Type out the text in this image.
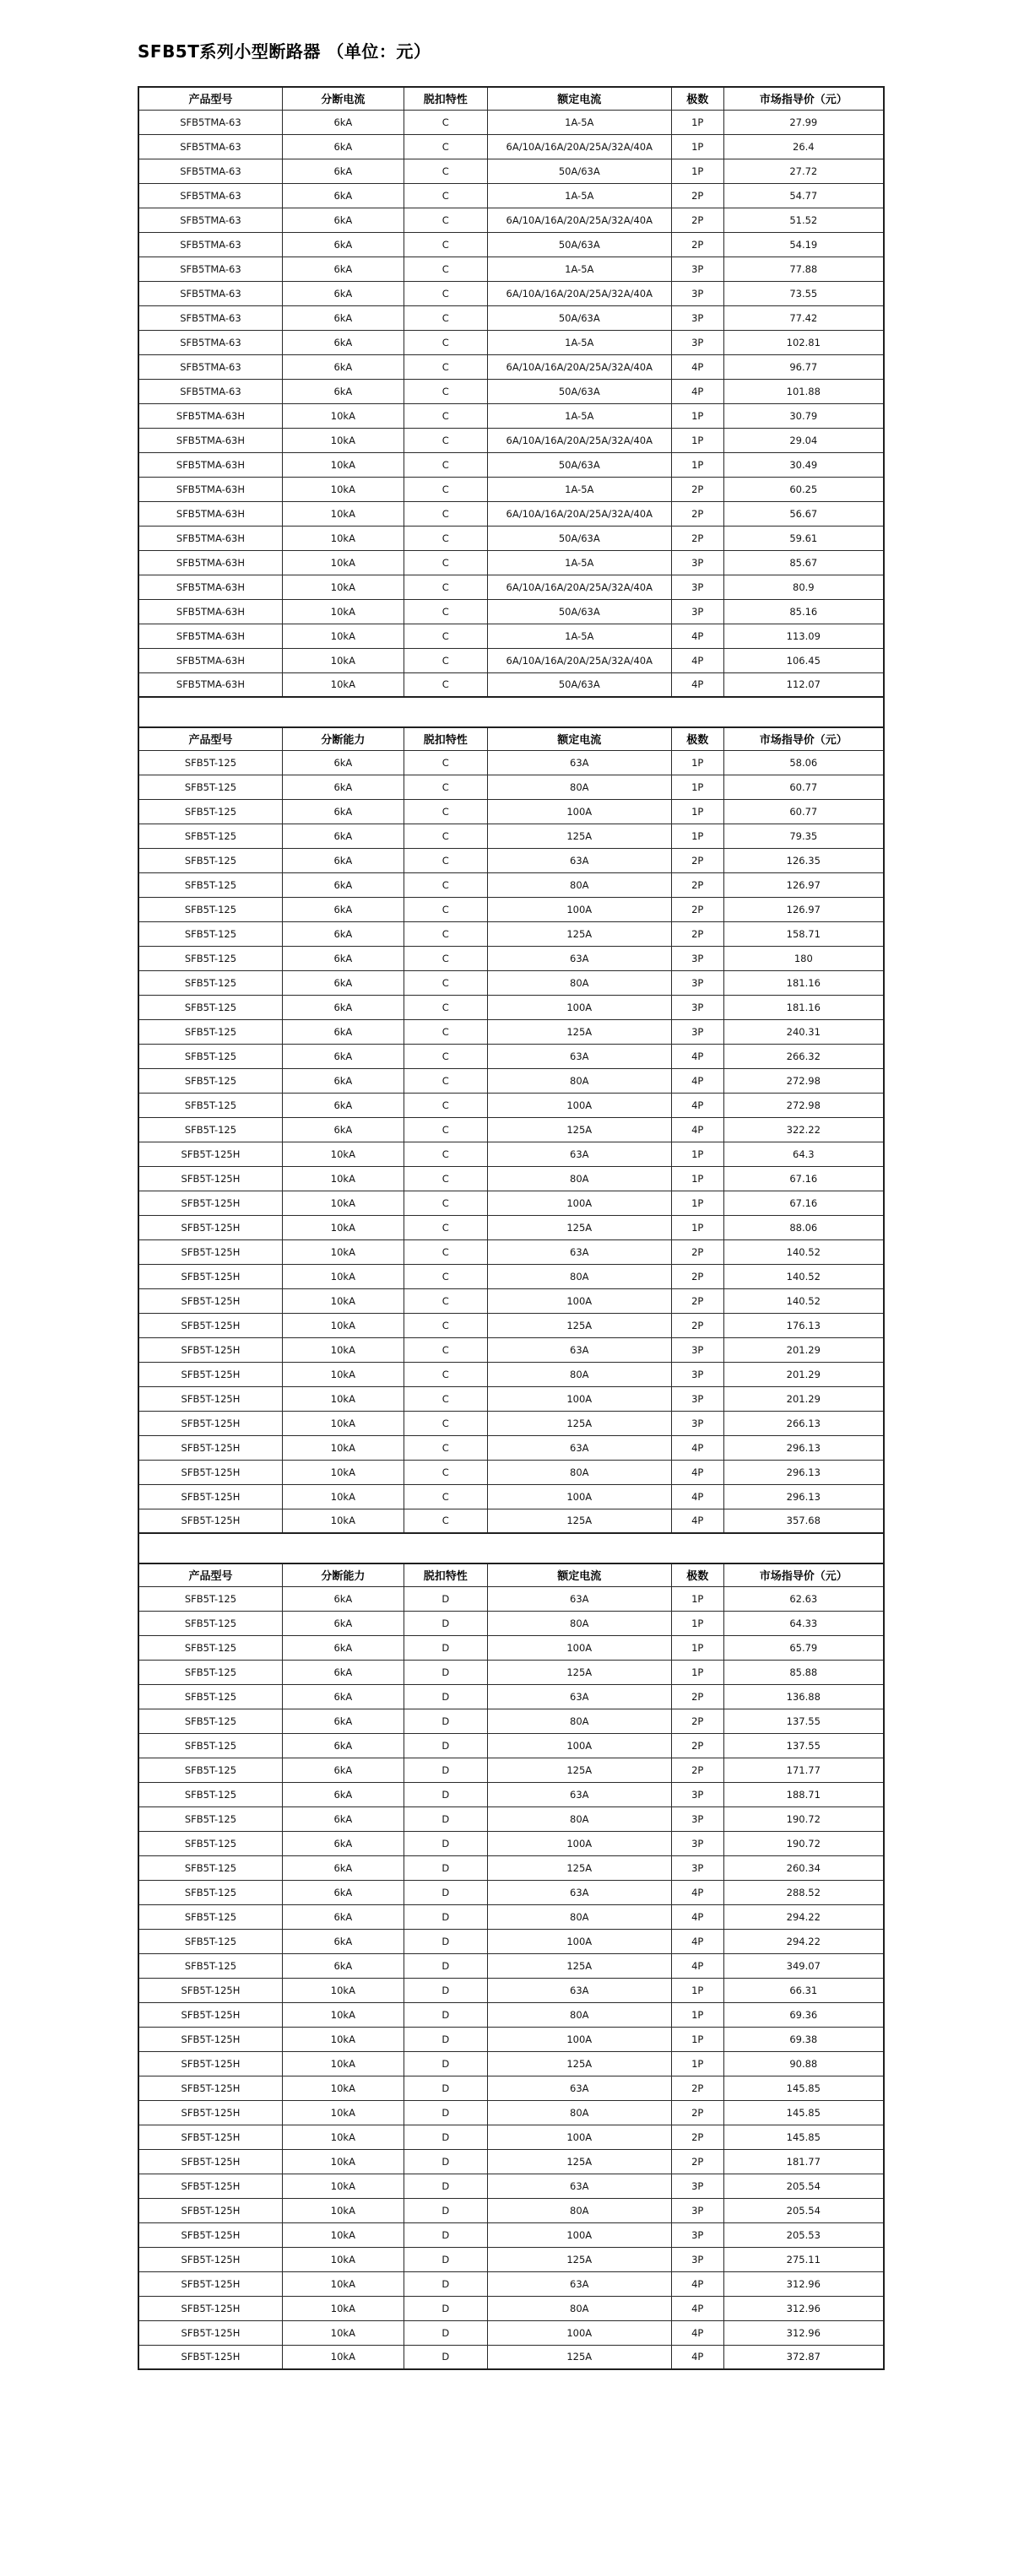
SFB5T系列小型断路器 （单位：元）
产品型号	分断电流	脱扣特性	额定电流	极数	市场指导价（元）
SFB5TMA-63	6kA	C	1A-5A	1P	27.99
SFB5TMA-63	6kA	C	6A/10A/16A/20A/25A/32A/40A	1P	26.4
SFB5TMA-63	6kA	C	50A/63A	1P	27.72
SFB5TMA-63	6kA	C	1A-5A	2P	54.77
SFB5TMA-63	6kA	C	6A/10A/16A/20A/25A/32A/40A	2P	51.52
SFB5TMA-63	6kA	C	50A/63A	2P	54.19
SFB5TMA-63	6kA	C	1A-5A	3P	77.88
SFB5TMA-63	6kA	C	6A/10A/16A/20A/25A/32A/40A	3P	73.55
SFB5TMA-63	6kA	C	50A/63A	3P	77.42
SFB5TMA-63	6kA	C	1A-5A	3P	102.81
SFB5TMA-63	6kA	C	6A/10A/16A/20A/25A/32A/40A	4P	96.77
SFB5TMA-63	6kA	C	50A/63A	4P	101.88
SFB5TMA-63H	10kA	C	1A-5A	1P	30.79
SFB5TMA-63H	10kA	C	6A/10A/16A/20A/25A/32A/40A	1P	29.04
SFB5TMA-63H	10kA	C	50A/63A	1P	30.49
SFB5TMA-63H	10kA	C	1A-5A	2P	60.25
SFB5TMA-63H	10kA	C	6A/10A/16A/20A/25A/32A/40A	2P	56.67
SFB5TMA-63H	10kA	C	50A/63A	2P	59.61
SFB5TMA-63H	10kA	C	1A-5A	3P	85.67
SFB5TMA-63H	10kA	C	6A/10A/16A/20A/25A/32A/40A	3P	80.9
SFB5TMA-63H	10kA	C	50A/63A	3P	85.16
SFB5TMA-63H	10kA	C	1A-5A	4P	113.09
SFB5TMA-63H	10kA	C	6A/10A/16A/20A/25A/32A/40A	4P	106.45
SFB5TMA-63H	10kA	C	50A/63A	4P	112.07
产品型号	分断能力	脱扣特性	额定电流	极数	市场指导价（元）
SFB5T-125	6kA	C	63A	1P	58.06
SFB5T-125	6kA	C	80A	1P	60.77
SFB5T-125	6kA	C	100A	1P	60.77
SFB5T-125	6kA	C	125A	1P	79.35
SFB5T-125	6kA	C	63A	2P	126.35
SFB5T-125	6kA	C	80A	2P	126.97
SFB5T-125	6kA	C	100A	2P	126.97
SFB5T-125	6kA	C	125A	2P	158.71
SFB5T-125	6kA	C	63A	3P	180
SFB5T-125	6kA	C	80A	3P	181.16
SFB5T-125	6kA	C	100A	3P	181.16
SFB5T-125	6kA	C	125A	3P	240.31
SFB5T-125	6kA	C	63A	4P	266.32
SFB5T-125	6kA	C	80A	4P	272.98
SFB5T-125	6kA	C	100A	4P	272.98
SFB5T-125	6kA	C	125A	4P	322.22
SFB5T-125H	10kA	C	63A	1P	64.3
SFB5T-125H	10kA	C	80A	1P	67.16
SFB5T-125H	10kA	C	100A	1P	67.16
SFB5T-125H	10kA	C	125A	1P	88.06
SFB5T-125H	10kA	C	63A	2P	140.52
SFB5T-125H	10kA	C	80A	2P	140.52
SFB5T-125H	10kA	C	100A	2P	140.52
SFB5T-125H	10kA	C	125A	2P	176.13
SFB5T-125H	10kA	C	63A	3P	201.29
SFB5T-125H	10kA	C	80A	3P	201.29
SFB5T-125H	10kA	C	100A	3P	201.29
SFB5T-125H	10kA	C	125A	3P	266.13
SFB5T-125H	10kA	C	63A	4P	296.13
SFB5T-125H	10kA	C	80A	4P	296.13
SFB5T-125H	10kA	C	100A	4P	296.13
SFB5T-125H	10kA	C	125A	4P	357.68
产品型号	分断能力	脱扣特性	额定电流	极数	市场指导价（元）
SFB5T-125	6kA	D	63A	1P	62.63
SFB5T-125	6kA	D	80A	1P	64.33
SFB5T-125	6kA	D	100A	1P	65.79
SFB5T-125	6kA	D	125A	1P	85.88
SFB5T-125	6kA	D	63A	2P	136.88
SFB5T-125	6kA	D	80A	2P	137.55
SFB5T-125	6kA	D	100A	2P	137.55
SFB5T-125	6kA	D	125A	2P	171.77
SFB5T-125	6kA	D	63A	3P	188.71
SFB5T-125	6kA	D	80A	3P	190.72
SFB5T-125	6kA	D	100A	3P	190.72
SFB5T-125	6kA	D	125A	3P	260.34
SFB5T-125	6kA	D	63A	4P	288.52
SFB5T-125	6kA	D	80A	4P	294.22
SFB5T-125	6kA	D	100A	4P	294.22
SFB5T-125	6kA	D	125A	4P	349.07
SFB5T-125H	10kA	D	63A	1P	66.31
SFB5T-125H	10kA	D	80A	1P	69.36
SFB5T-125H	10kA	D	100A	1P	69.38
SFB5T-125H	10kA	D	125A	1P	90.88
SFB5T-125H	10kA	D	63A	2P	145.85
SFB5T-125H	10kA	D	80A	2P	145.85
SFB5T-125H	10kA	D	100A	2P	145.85
SFB5T-125H	10kA	D	125A	2P	181.77
SFB5T-125H	10kA	D	63A	3P	205.54
SFB5T-125H	10kA	D	80A	3P	205.54
SFB5T-125H	10kA	D	100A	3P	205.53
SFB5T-125H	10kA	D	125A	3P	275.11
SFB5T-125H	10kA	D	63A	4P	312.96
SFB5T-125H	10kA	D	80A	4P	312.96
SFB5T-125H	10kA	D	100A	4P	312.96
SFB5T-125H	10kA	D	125A	4P	372.87
